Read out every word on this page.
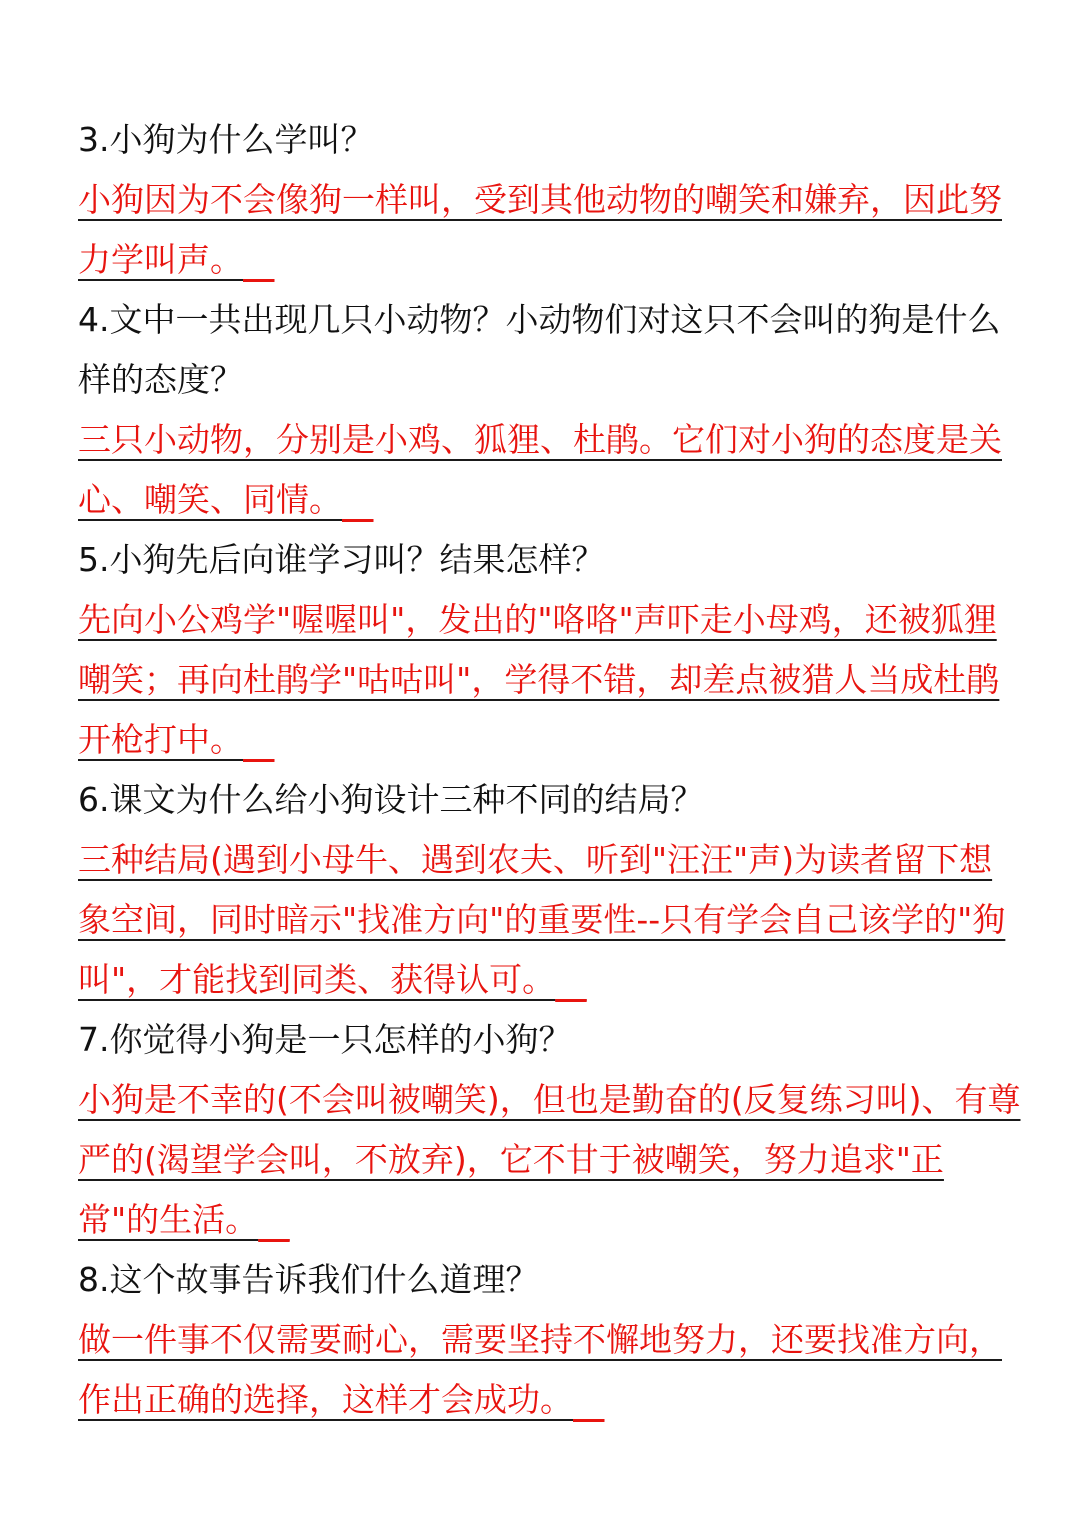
3.小狗为什么学叫？

小狗因为不会像狗一样叫，受到其他动物的嘲笑和嫌弃，因此努力学叫声。

4.文中一共出现几只小动物？小动物们对这只不会叫的狗是什么样的态度？

三只小动物，分别是小鸡、狐狸、杜鹃。它们对小狗的态度是关心、嘲笑、同情。

5.小狗先后向谁学习叫？结果怎样？

先向小公鸡学"喔喔叫"，发出的"咯咯"声吓走小母鸡，还被狐狸嘲笑；再向杜鹃学"咕咕叫"，学得不错，却差点被猎人当成杜鹃开枪打中。

6.课文为什么给小狗设计三种不同的结局？

三种结局(遇到小母牛、遇到农夫、听到"汪汪"声)为读者留下想象空间，同时暗示"找准方向"的重要性--只有学会自己该学的"狗叫"，才能找到同类、获得认可。

7.你觉得小狗是一只怎样的小狗？

小狗是不幸的(不会叫被嘲笑)，但也是勤奋的(反复练习叫)、有尊严的(渴望学会叫，不放弃)，它不甘于被嘲笑，努力追求"正常"的生活。

8.这个故事告诉我们什么道理？

做一件事不仅需要耐心，需要坚持不懈地努力，还要找准方向，作出正确的选择，这样才会成功。
